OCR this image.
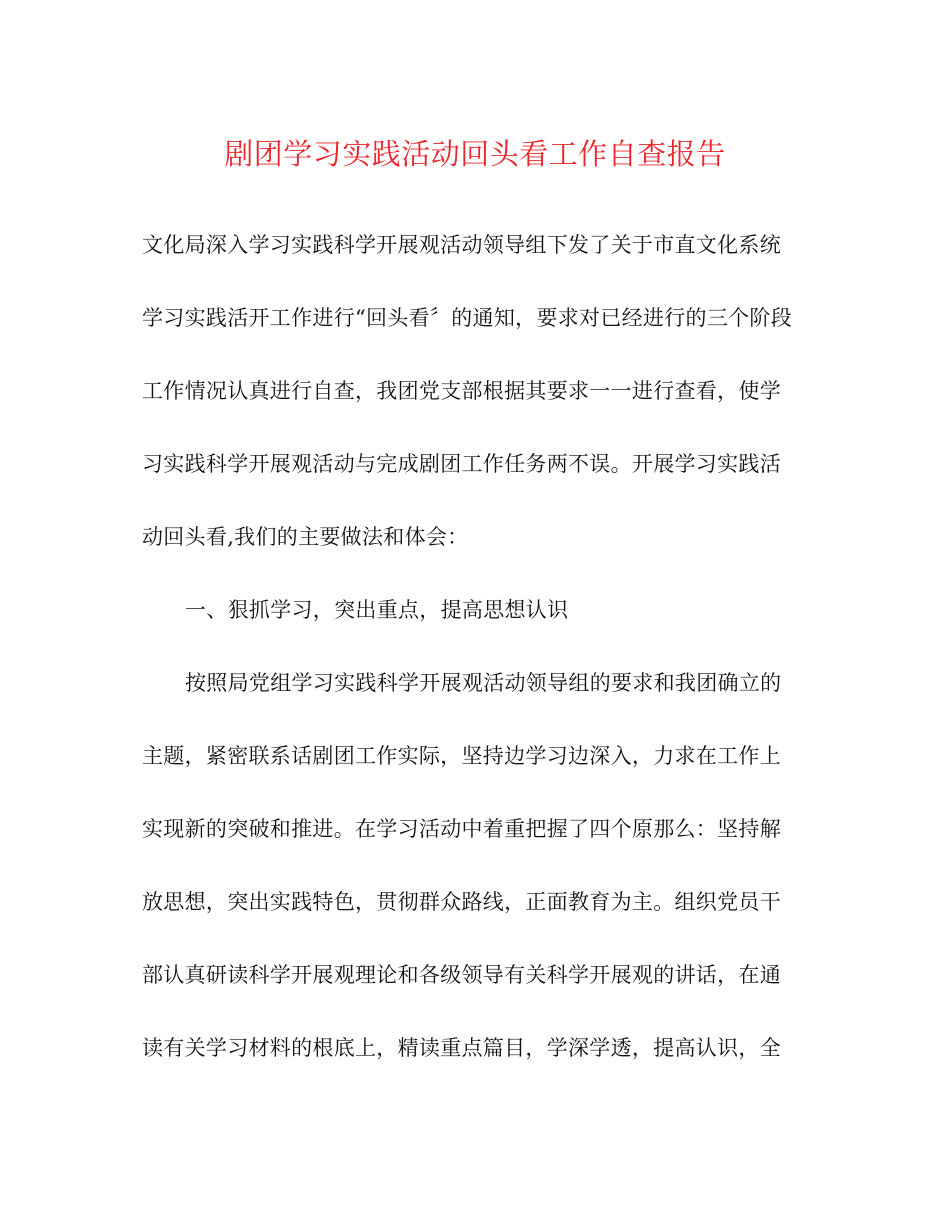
剧团学习实践活动回头看工作自查报告
文化局深入学习实践科学开展观活动领导组下发了关于市直文化系统
学习实践活开工作进行“回头看〞的通知，要求对已经进行的三个阶段
工作情况认真进行自查，我团党支部根据其要求一一进行查看，使学
习实践科学开展观活动与完成剧团工作任务两不误。开展学习实践活
动回头看,我们的主要做法和体会：
一、狠抓学习，突出重点，提高思想认识
按照局党组学习实践科学开展观活动领导组的要求和我团确立的
主题，紧密联系话剧团工作实际，坚持边学习边深入，力求在工作上
实现新的突破和推进。在学习活动中着重把握了四个原那么：坚持解
放思想，突出实践特色，贯彻群众路线，正面教育为主。组织党员干
部认真研读科学开展观理论和各级领导有关科学开展观的讲话，在通
读有关学习材料的根底上，精读重点篇目，学深学透，提高认识，全
